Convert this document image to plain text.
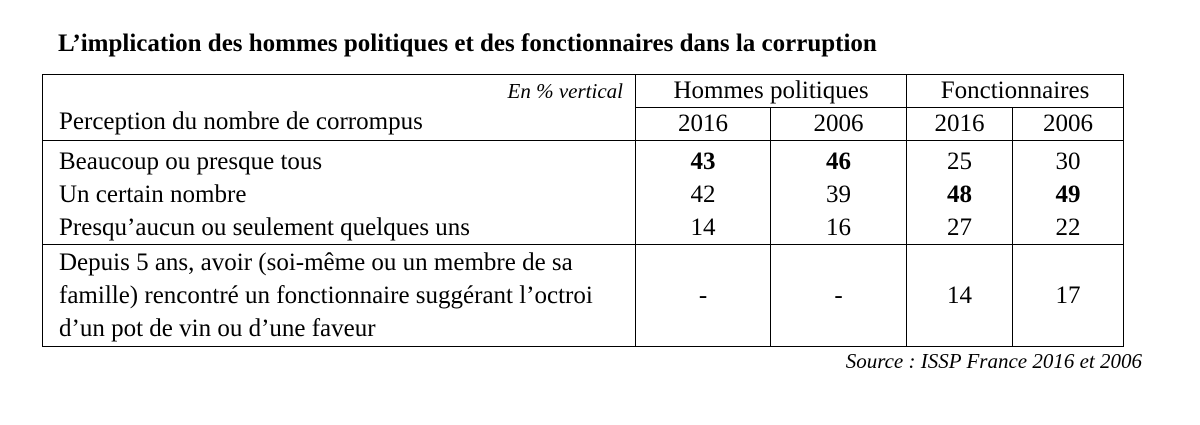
L’implication des hommes politiques et des fonctionnaires dans la corruption
En % vertical	Hommes politiques		Fonctionnaires	
Perception du nombre de corrompus	2016	2006	2016	2006
Beaucoup ou presque tous	43	46	25	30
Un certain nombre	42	39	48	49
Presqu’aucun ou seulement quelques uns	14	16	27	22
Depuis 5 ans, avoir (soi-même ou un membre de sa famille) rencontré un fonctionnaire suggérant l’octroi d’un pot de vin ou d’une faveur	-	-	14	17
Source : ISSP France 2016 et 2006
